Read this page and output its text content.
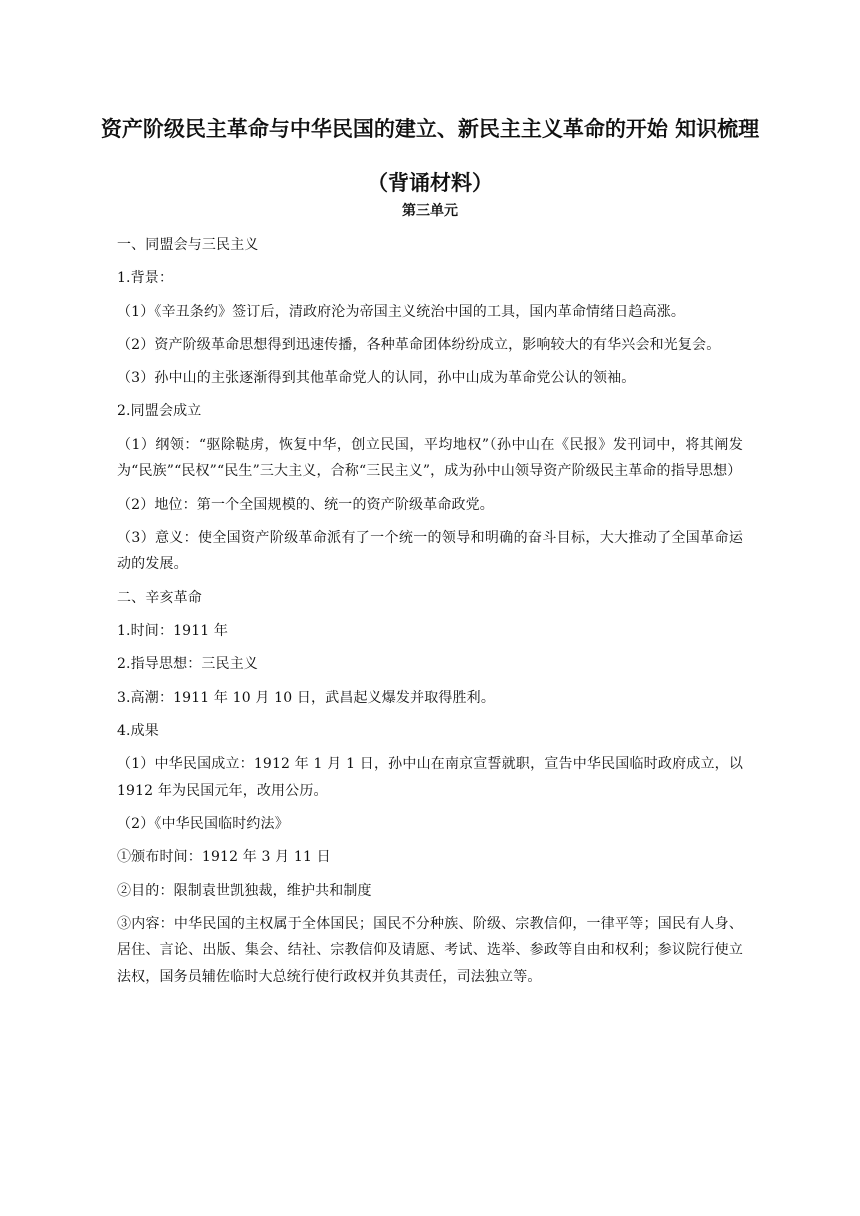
资产阶级民主革命与中华民国的建立、新民主主义革命的开始 知识梳理（背诵材料）
第三单元

一、同盟会与三民主义

1.背景：

（1）《辛丑条约》签订后，清政府沦为帝国主义统治中国的工具，国内革命情绪日趋高涨。

（2）资产阶级革命思想得到迅速传播，各种革命团体纷纷成立，影响较大的有华兴会和光复会。

（3）孙中山的主张逐渐得到其他革命党人的认同，孙中山成为革命党公认的领袖。

2.同盟会成立

（1）纲领：“驱除鞑虏，恢复中华，创立民国，平均地权”（孙中山在《民报》发刊词中，将其阐发为“民族”“民权”“民生”三大主义，合称“三民主义”，成为孙中山领导资产阶级民主革命的指导思想）

（2）地位：第一个全国规模的、统一的资产阶级革命政党。

（3）意义：使全国资产阶级革命派有了一个统一的领导和明确的奋斗目标，大大推动了全国革命运动的发展。

二、辛亥革命

1.时间：1911 年

2.指导思想：三民主义

3.高潮：1911 年 10 月 10 日，武昌起义爆发并取得胜利。

4.成果

（1）中华民国成立：1912 年 1 月 1 日，孙中山在南京宣誓就职，宣告中华民国临时政府成立，以 1912 年为民国元年，改用公历。

（2）《中华民国临时约法》

①颁布时间：1912 年 3 月 11 日

②目的：限制袁世凯独裁，维护共和制度

③内容：中华民国的主权属于全体国民；国民不分种族、阶级、宗教信仰，一律平等；国民有人身、居住、言论、出版、集会、结社、宗教信仰及请愿、考试、选举、参政等自由和权利；参议院行使立法权，国务员辅佐临时大总统行使行政权并负其责任，司法独立等。
